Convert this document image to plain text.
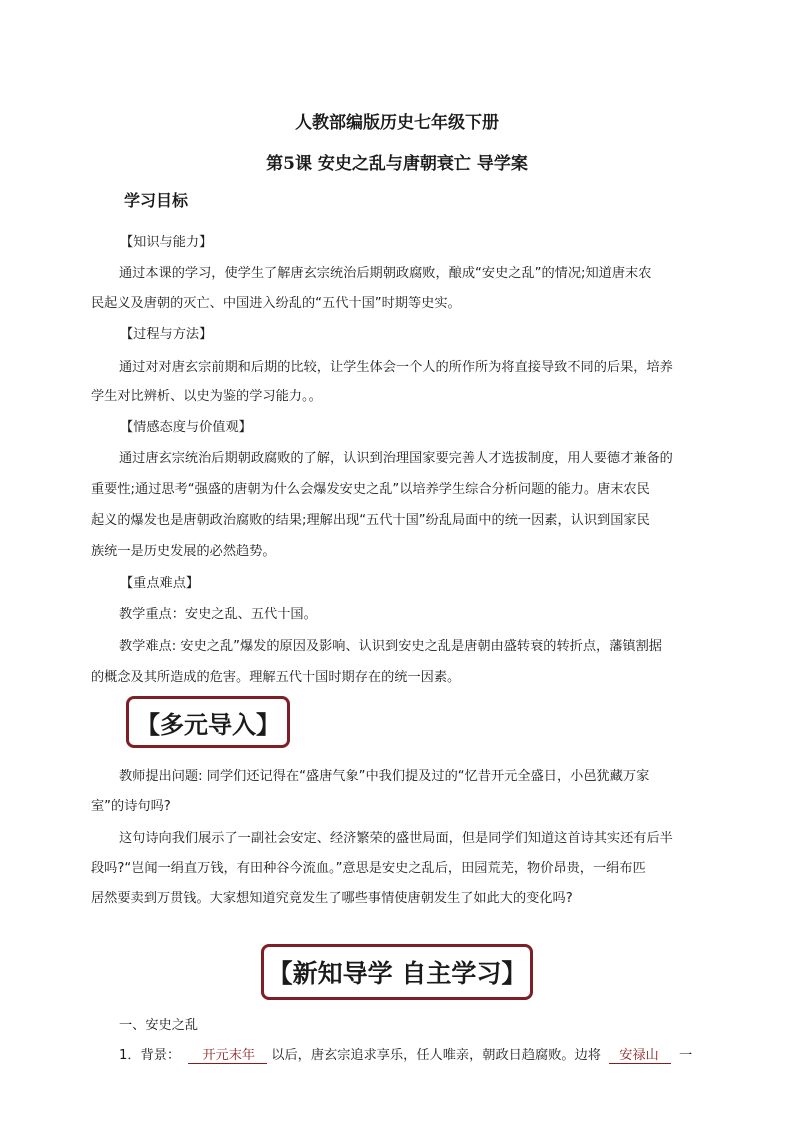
人教部编版历史七年级下册
第5课 安史之乱与唐朝衰亡 导学案
学习目标
【知识与能力】
通过本课的学习，使学生了解唐玄宗统治后期朝政腐败，酿成“安史之乱”的情况;知道唐末农
民起义及唐朝的灭亡、中国进入纷乱的“五代十国”时期等史实。
【过程与方法】
通过对对唐玄宗前期和后期的比较，让学生体会一个人的所作所为将直接导致不同的后果，培养
学生对比辨析、以史为鉴的学习能力。。
【情感态度与价值观】
通过唐玄宗统治后期朝政腐败的了解，认识到治理国家要完善人才选拔制度，用人要德才兼备的
重要性;通过思考“强盛的唐朝为什么会爆发安史之乱”以培养学生综合分析问题的能力。唐末农民
起义的爆发也是唐朝政治腐败的结果;理解出现“五代十国”纷乱局面中的统一因素，认识到国家民
族统一是历史发展的必然趋势。
【重点难点】
教学重点：安史之乱、五代十国。
教学难点: 安史之乱”爆发的原因及影响、认识到安史之乱是唐朝由盛转衰的转折点，藩镇割据
的概念及其所造成的危害。理解五代十国时期存在的统一因素。
【多元导入】
教师提出问题: 同学们还记得在“盛唐气象”中我们提及过的“忆昔开元全盛日，小邑犹藏万家
室”的诗句吗?
这句诗向我们展示了一副社会安定、经济繁荣的盛世局面，但是同学们知道这首诗其实还有后半
段吗?“岂闻一绢直万钱，有田种谷今流血。”意思是安史之乱后，田园荒芜，物价昂贵，一绢布匹
居然要卖到万贯钱。大家想知道究竟发生了哪些事情使唐朝发生了如此大的变化吗?
【新知导学 自主学习】
一、安史之乱
1．背景： 开元末年 以后，唐玄宗追求享乐，任人唯亲，朝政日趋腐败。边将 安禄山 一
